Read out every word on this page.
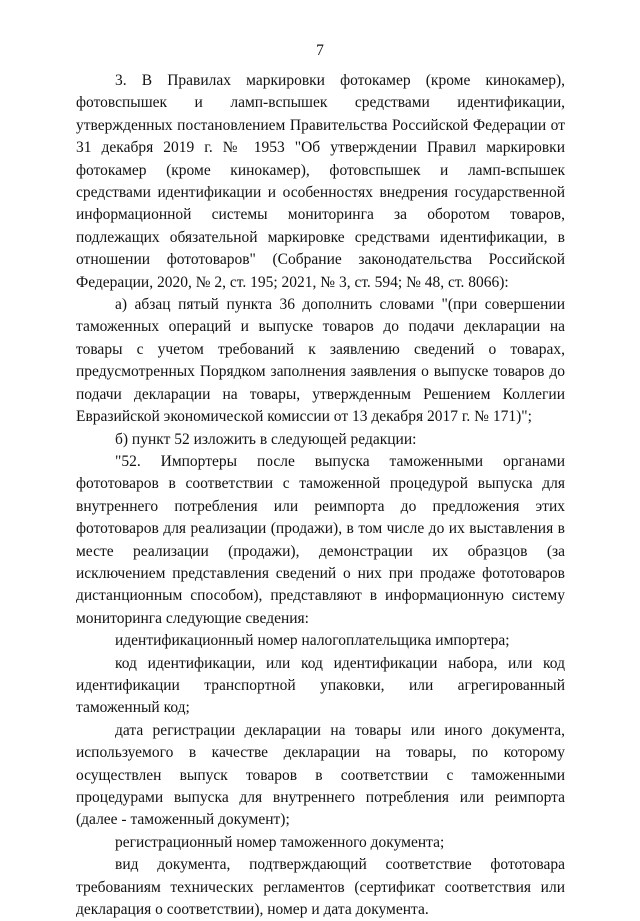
7

3. В Правилах маркировки фотокамер (кроме кинокамер), фотовспышек и ламп-вспышек средствами идентификации, утвержденных постановлением Правительства Российской Федерации от 31 декабря 2019 г. № 1953 "Об утверждении Правил маркировки фотокамер (кроме кинокамер), фотовспышек и ламп-вспышек средствами идентификации и особенностях внедрения государственной информационной системы мониторинга за оборотом товаров, подлежащих обязательной маркировке средствами идентификации, в отношении фототоваров" (Собрание законодательства Российской Федерации, 2020, № 2, ст. 195; 2021, № 3, ст. 594; № 48, ст. 8066):

а) абзац пятый пункта 36 дополнить словами "(при совершении таможенных операций и выпуске товаров до подачи декларации на товары с учетом требований к заявлению сведений о товарах, предусмотренных Порядком заполнения заявления о выпуске товаров до подачи декларации на товары, утвержденным Решением Коллегии Евразийской экономической комиссии от 13 декабря 2017 г. № 171)";

б) пункт 52 изложить в следующей редакции:

"52. Импортеры после выпуска таможенными органами фототоваров в соответствии с таможенной процедурой выпуска для внутреннего потребления или реимпорта до предложения этих фототоваров для реализации (продажи), в том числе до их выставления в месте реализации (продажи), демонстрации их образцов (за исключением представления сведений о них при продаже фототоваров дистанционным способом), представляют в информационную систему мониторинга следующие сведения:

идентификационный номер налогоплательщика импортера;

код идентификации, или код идентификации набора, или код идентификации транспортной упаковки, или агрегированный таможенный код;

дата регистрации декларации на товары или иного документа, используемого в качестве декларации на товары, по которому осуществлен выпуск товаров в соответствии с таможенными процедурами выпуска для внутреннего потребления или реимпорта (далее - таможенный документ);

регистрационный номер таможенного документа;

вид документа, подтверждающий соответствие фототовара требованиям технических регламентов (сертификат соответствия или декларация о соответствии), номер и дата документа.
